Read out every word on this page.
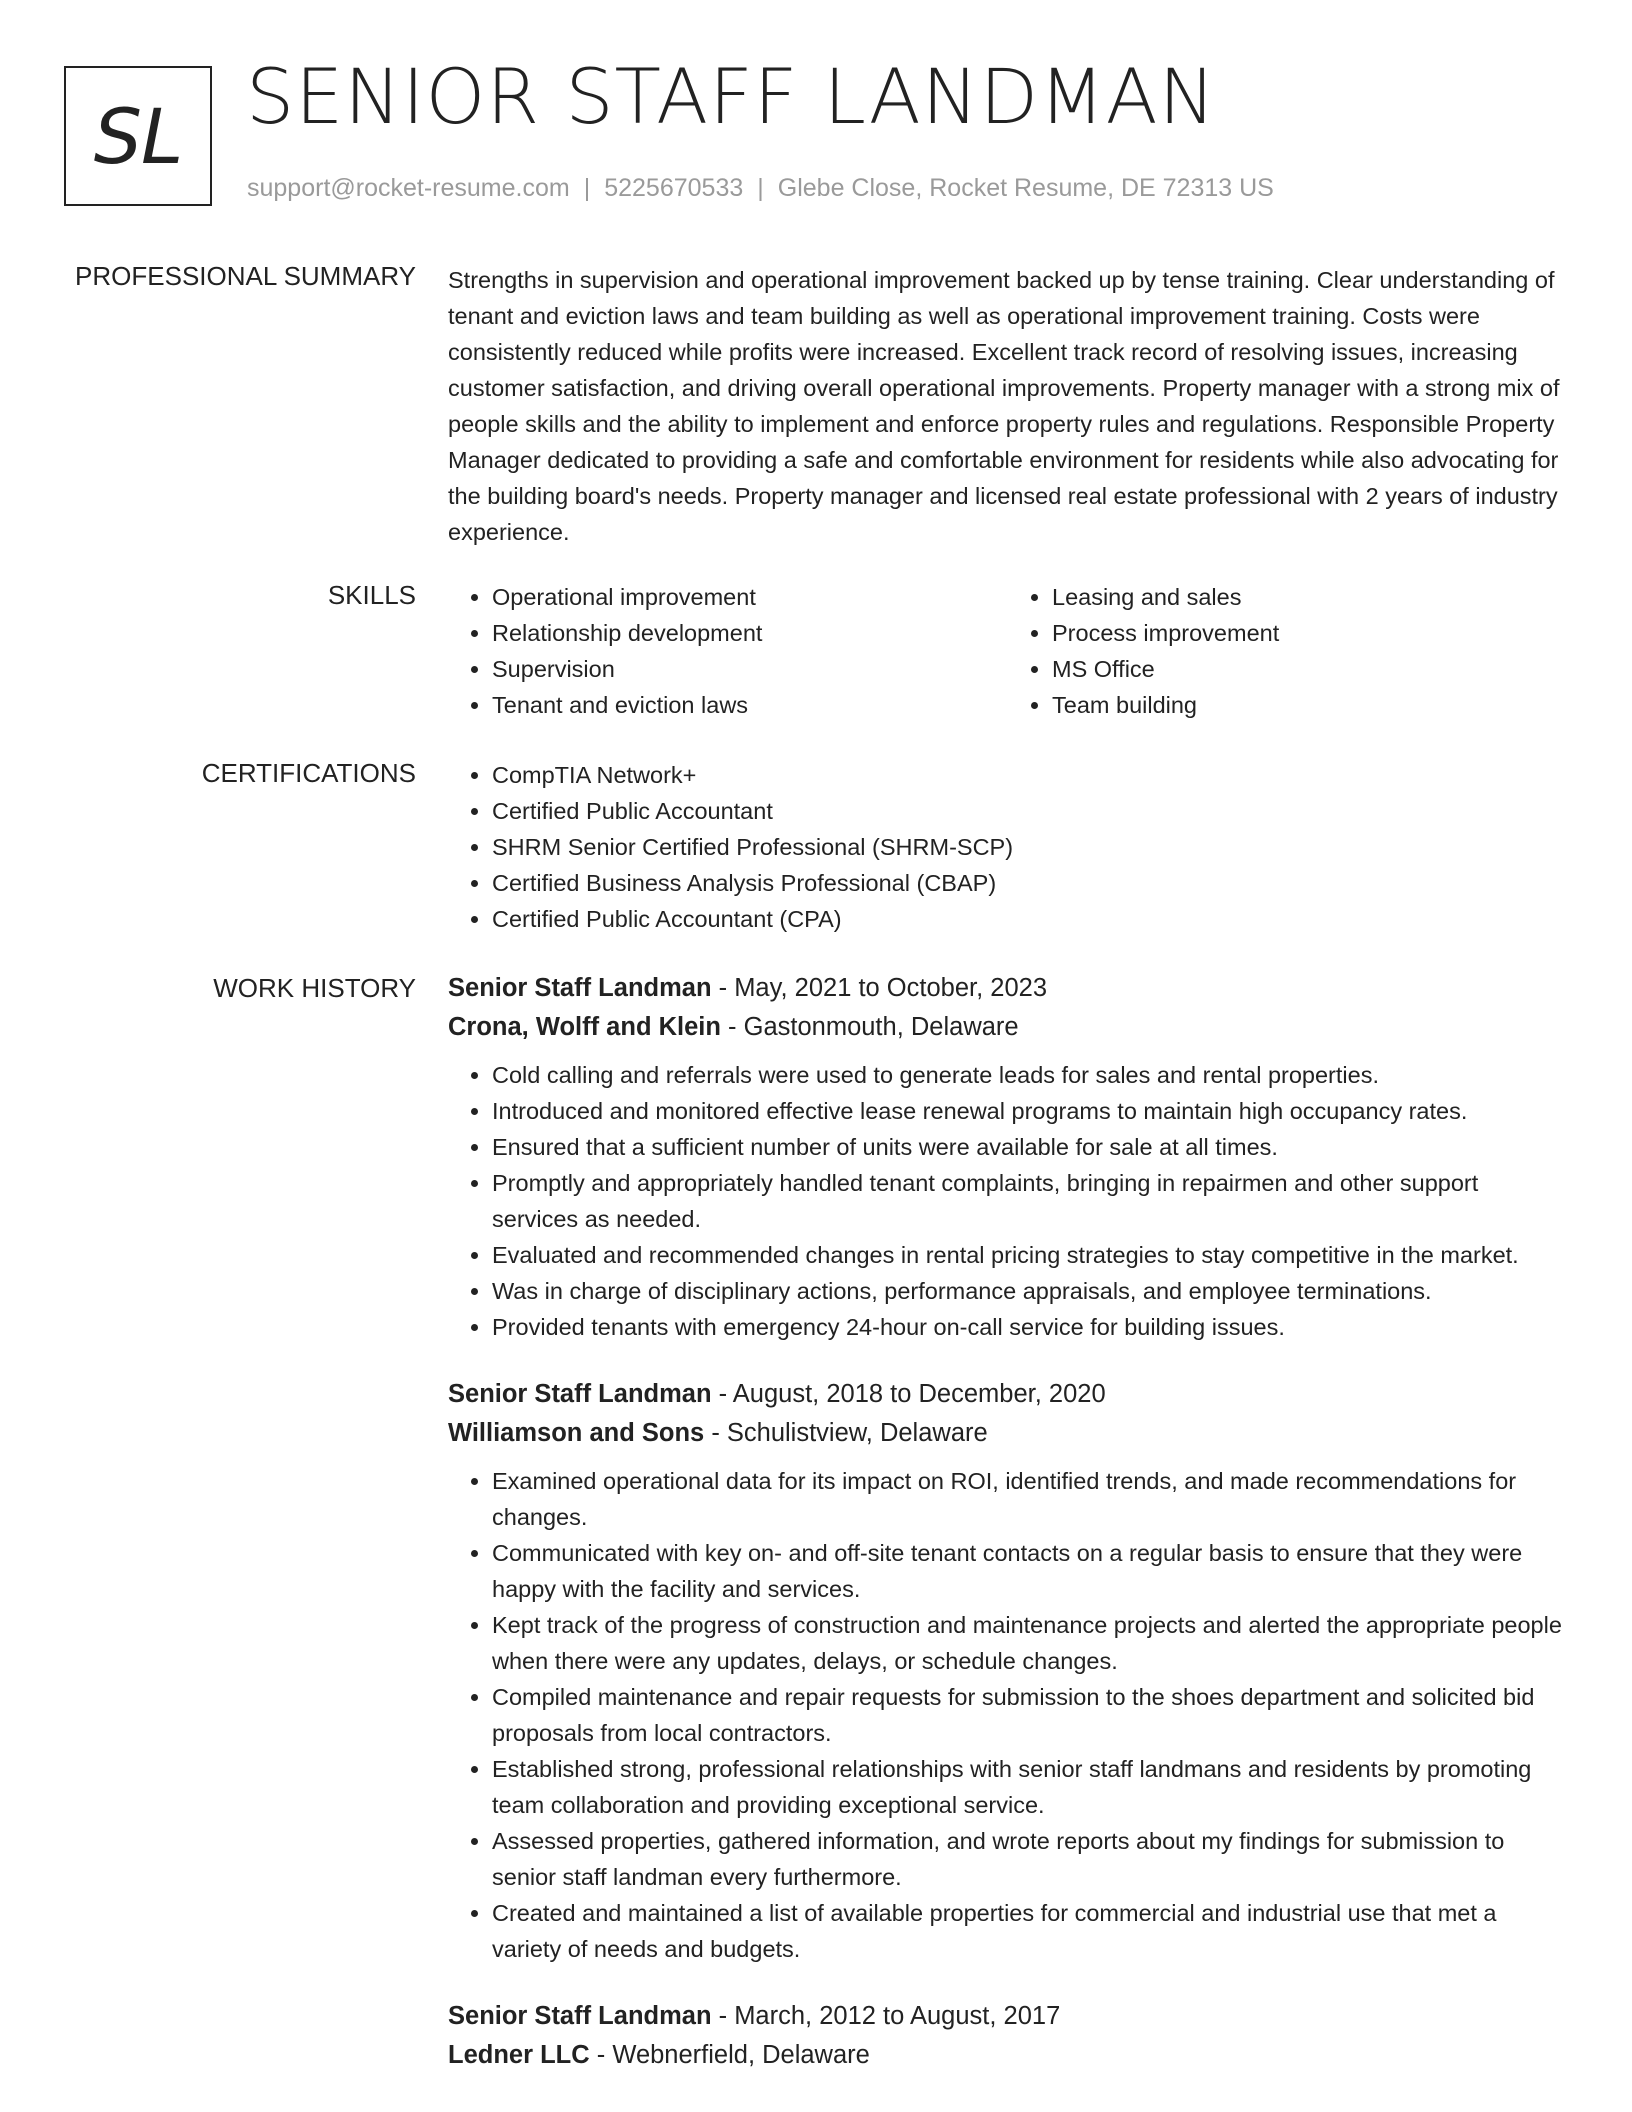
SL SENIOR STAFF LANDMAN
support@rocket-resume.com | 5225670533 | Glebe Close, Rocket Resume, DE 72313 US
PROFESSIONAL SUMMARY Strengths in supervision and operational improvement backed up by tense training. Clear understanding of tenant and eviction laws and team building as well as operational improvement training. Costs were consistently reduced while profits were increased. Excellent track record of resolving issues, increasing customer satisfaction, and driving overall operational improvements. Property manager with a strong mix of people skills and the ability to implement and enforce property rules and regulations. Responsible Property Manager dedicated to providing a safe and comfortable environment for residents while also advocating for the building board's needs. Property manager and licensed real estate professional with 2 years of industry experience.
SKILLS	• Operational improvement
• Relationship development
• Supervision
• Tenant and eviction laws
• Leasing and sales
• Process improvement
• MS Office
• Team building
CERTIFICATIONS	• CompTIA Network+
• Certified Public Accountant
• SHRM Senior Certified Professional (SHRM-SCP)
• Certified Business Analysis Professional (CBAP)
• Certified Public Accountant (CPA)
WORK HISTORY Senior Staff Landman - May, 2021 to October, 2023
Crona, Wolff and Klein - Gastonmouth, Delaware
• Cold calling and referrals were used to generate leads for sales and rental properties.
• Introduced and monitored effective lease renewal programs to maintain high occupancy rates.
• Ensured that a sufficient number of units were available for sale at all times.
• Promptly and appropriately handled tenant complaints, bringing in repairmen and other support services as needed.
• Evaluated and recommended changes in rental pricing strategies to stay competitive in the market.
• Was in charge of disciplinary actions, performance appraisals, and employee terminations.
• Provided tenants with emergency 24-hour on-call service for building issues.
Senior Staff Landman - August, 2018 to December, 2020
Williamson and Sons - Schulistview, Delaware
• Examined operational data for its impact on ROI, identified trends, and made recommendations for changes.
• Communicated with key on- and off-site tenant contacts on a regular basis to ensure that they were happy with the facility and services.
• Kept track of the progress of construction and maintenance projects and alerted the appropriate people when there were any updates, delays, or schedule changes.
• Compiled maintenance and repair requests for submission to the shoes department and solicited bid proposals from local contractors.
• Established strong, professional relationships with senior staff landmans and residents by promoting team collaboration and providing exceptional service.
• Assessed properties, gathered information, and wrote reports about my findings for submission to senior staff landman every furthermore.
• Created and maintained a list of available properties for commercial and industrial use that met a variety of needs and budgets.
Senior Staff Landman - March, 2012 to August, 2017
Ledner LLC - Webnerfield, Delaware
